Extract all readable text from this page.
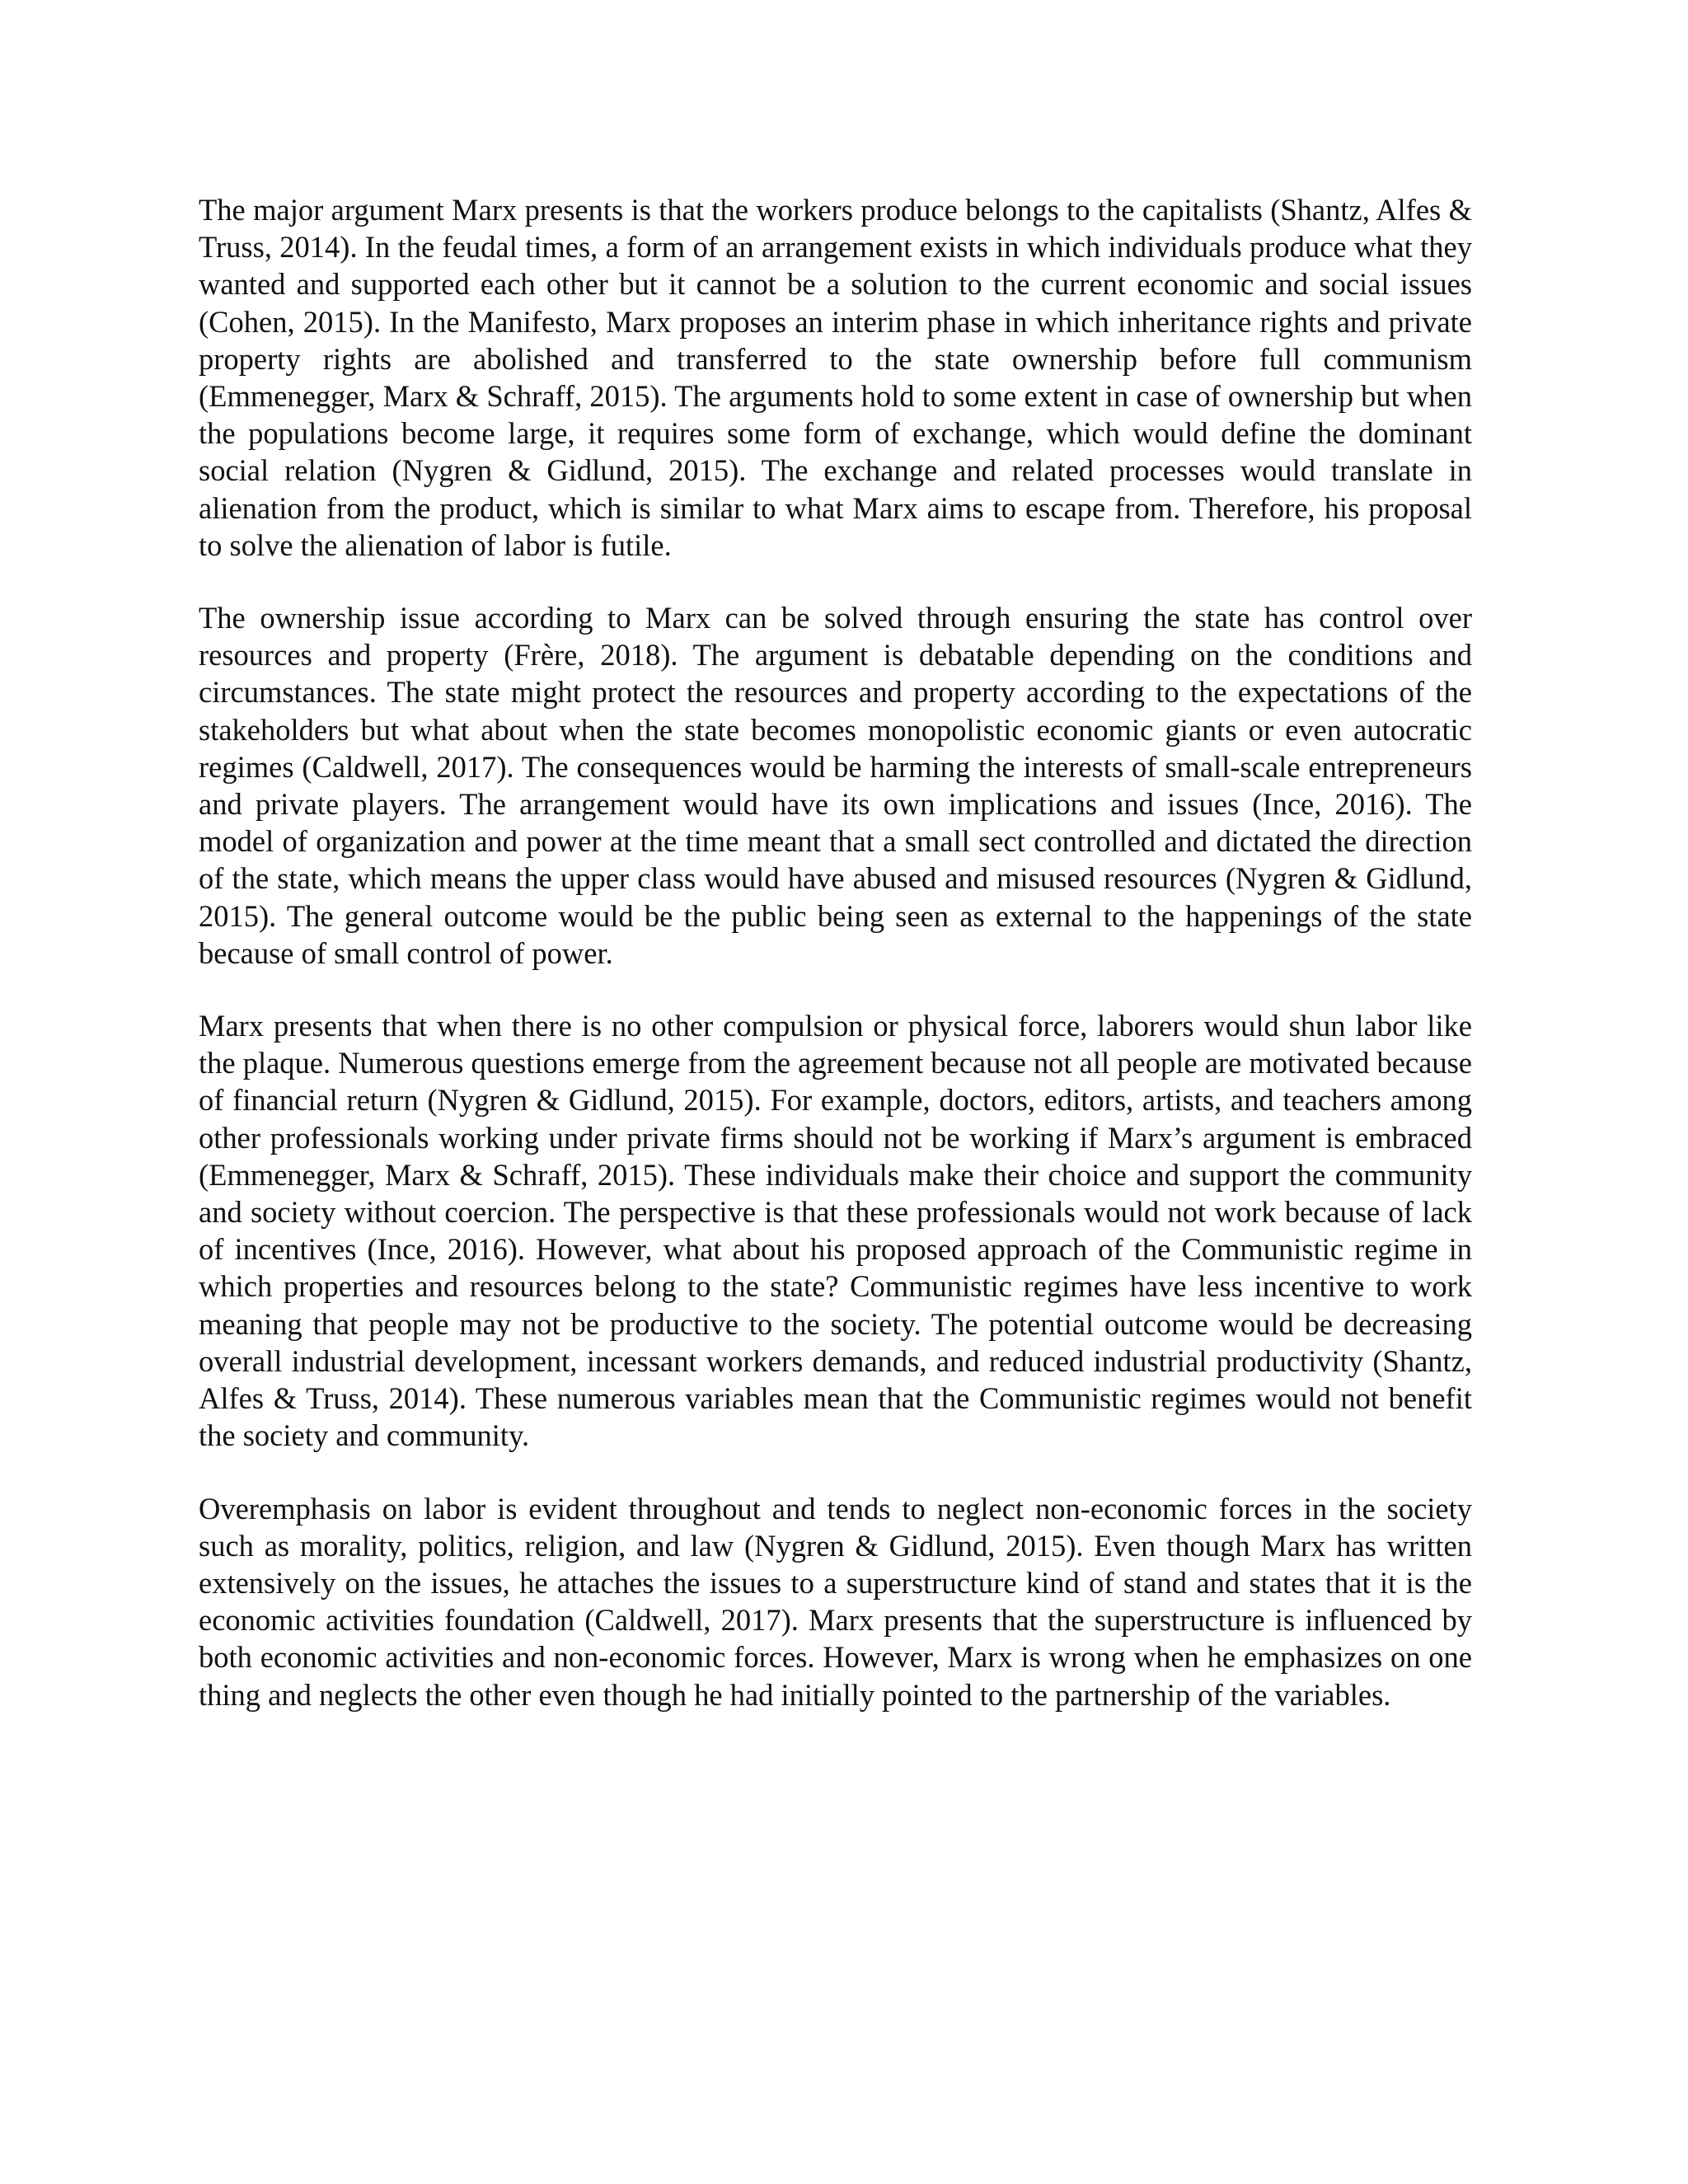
The major argument Marx presents is that the workers produce belongs to the capitalists (Shantz, Alfes & Truss, 2014). In the feudal times, a form of an arrangement exists in which individuals produce what they wanted and supported each other but it cannot be a solution to the current economic and social issues (Cohen, 2015). In the Manifesto, Marx proposes an interim phase in which inheritance rights and private property rights are abolished and transferred to the state ownership before full communism (Emmenegger, Marx & Schraff, 2015). The arguments hold to some extent in case of ownership but when the populations become large, it requires some form of exchange, which would define the dominant social relation (Nygren & Gidlund, 2015). The exchange and related processes would translate in alienation from the product, which is similar to what Marx aims to escape from. Therefore, his proposal to solve the alienation of labor is futile.

The ownership issue according to Marx can be solved through ensuring the state has control over resources and property (Frère, 2018). The argument is debatable depending on the conditions and circumstances. The state might protect the resources and property according to the expectations of the stakeholders but what about when the state becomes monopolistic economic giants or even autocratic regimes (Caldwell, 2017). The consequences would be harming the interests of small-scale entrepreneurs and private players. The arrangement would have its own implications and issues (Ince, 2016). The model of organization and power at the time meant that a small sect controlled and dictated the direction of the state, which means the upper class would have abused and misused resources (Nygren & Gidlund, 2015). The general outcome would be the public being seen as external to the happenings of the state because of small control of power.

Marx presents that when there is no other compulsion or physical force, laborers would shun labor like the plaque. Numerous questions emerge from the agreement because not all people are motivated because of financial return (Nygren & Gidlund, 2015). For example, doctors, editors, artists, and teachers among other professionals working under private firms should not be working if Marx’s argument is embraced (Emmenegger, Marx & Schraff, 2015). These individuals make their choice and support the community and society without coercion. The perspective is that these professionals would not work because of lack of incentives (Ince, 2016). However, what about his proposed approach of the Communistic regime in which properties and resources belong to the state? Communistic regimes have less incentive to work meaning that people may not be productive to the society. The potential outcome would be decreasing overall industrial development, incessant workers demands, and reduced industrial productivity (Shantz, Alfes & Truss, 2014). These numerous variables mean that the Communistic regimes would not benefit the society and community.

Overemphasis on labor is evident throughout and tends to neglect non-economic forces in the society such as morality, politics, religion, and law (Nygren & Gidlund, 2015). Even though Marx has written extensively on the issues, he attaches the issues to a superstructure kind of stand and states that it is the economic activities foundation (Caldwell, 2017). Marx presents that the superstructure is influenced by both economic activities and non-economic forces. However, Marx is wrong when he emphasizes on one thing and neglects the other even though he had initially pointed to the partnership of the variables.
